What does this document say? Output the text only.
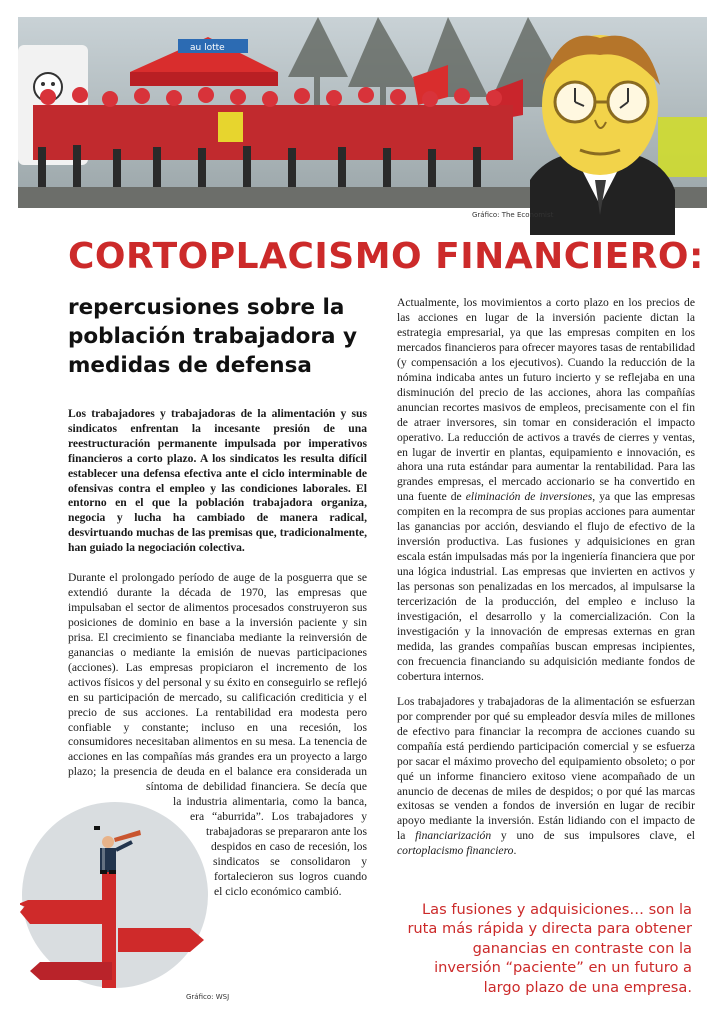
au lotte
Gráfico: The Economist
CORTOPLACISMO FINANCIERO:
repercusiones sobre la población trabajadora y medidas de defensa

Los trabajadores y trabajadoras de la alimentación y sus sindicatos enfrentan la incesante presión de una reestructuración permanente impulsada por imperativos financieros a corto plazo. A los sindicatos les resulta difícil establecer una defensa efectiva ante el ciclo interminable de ofensivas contra el empleo y las condiciones laborales. El entorno en el que la población trabajadora organiza, negocia y lucha ha cambiado de manera radical, desvirtuando muchas de las premisas que, tradicionalmente, han guiado la negociación colectiva.

Durante el prolongado período de auge de la posguerra que se extendió durante la década de 1970, las empresas que impulsaban el sector de alimentos procesados construyeron sus posiciones de dominio en base a la inversión paciente y sin prisa. El crecimiento se financiaba mediante la reinversión de ganancias o mediante la emisión de nuevas participaciones (acciones). Las empresas propiciaron el incremento de los activos físicos y del personal y su éxito en conseguirlo se reflejó en su participación de mercado, su calificación crediticia y el precio de sus acciones. La rentabilidad era modesta pero confiable y constante; incluso en una recesión, los consumidores necesitaban alimentos en su mesa. La tenencia de acciones en las compañías más grandes era un proyecto a largo plazo; la presencia de deuda en el balance era considerada un síntoma de debilidad financiera. Se decía que la industria alimentaria, como la banca, era “aburrida”. Los trabajadores y trabajadoras se prepararon ante los despidos en caso de recesión, los sindicatos se consolidaron y fortalecieron sus logros cuando el ciclo económico cambió.

Gráfico: WSJ

Actualmente, los movimientos a corto plazo en los precios de las acciones en lugar de la inversión paciente dictan la estrategia empresarial, ya que las empresas compiten en los mercados financieros para ofrecer mayores tasas de rentabilidad (y compensación a los ejecutivos). Cuando la reducción de la nómina indicaba antes un futuro incierto y se reflejaba en una disminución del precio de las acciones, ahora las compañías anuncian recortes masivos de empleos, precisamente con el fin de atraer inversores, sin tomar en consideración el impacto operativo. La reducción de activos a través de cierres y ventas, en lugar de invertir en plantas, equipamiento e innovación, es ahora una ruta estándar para aumentar la rentabilidad. Para las grandes empresas, el mercado accionario se ha convertido en una fuente de eliminación de inversiones, ya que las empresas compiten en la recompra de sus propias acciones para aumentar las ganancias por acción, desviando el flujo de efectivo de la inversión productiva. Las fusiones y adquisiciones en gran escala están impulsadas más por la ingeniería financiera que por una lógica industrial. Las empresas que invierten en activos y las personas son penalizadas en los mercados, al impulsarse la tercerización de la producción, del empleo e incluso la investigación, el desarrollo y la comercialización. Con la investigación y la innovación de empresas externas en gran medida, las grandes compañías buscan empresas incipientes, con frecuencia financiando su adquisición mediante fondos de cobertura internos.

Los trabajadores y trabajadoras de la alimentación se esfuerzan por comprender por qué su empleador desvía miles de millones de efectivo para financiar la recompra de acciones cuando su compañía está perdiendo participación comercial y se esfuerza por sacar el máximo provecho del equipamiento obsoleto; o por qué un informe financiero exitoso viene acompañado de un anuncio de decenas de miles de despidos; o por qué las marcas exitosas se venden a fondos de inversión en lugar de recibir apoyo mediante la inversión. Están lidiando con el impacto de la financiarización y uno de sus impulsores clave, el cortoplacismo financiero.

Las fusiones y adquisiciones… son la ruta más rápida y directa para obtener ganancias en contraste con la inversión “paciente” en un futuro a largo plazo de una empresa.
